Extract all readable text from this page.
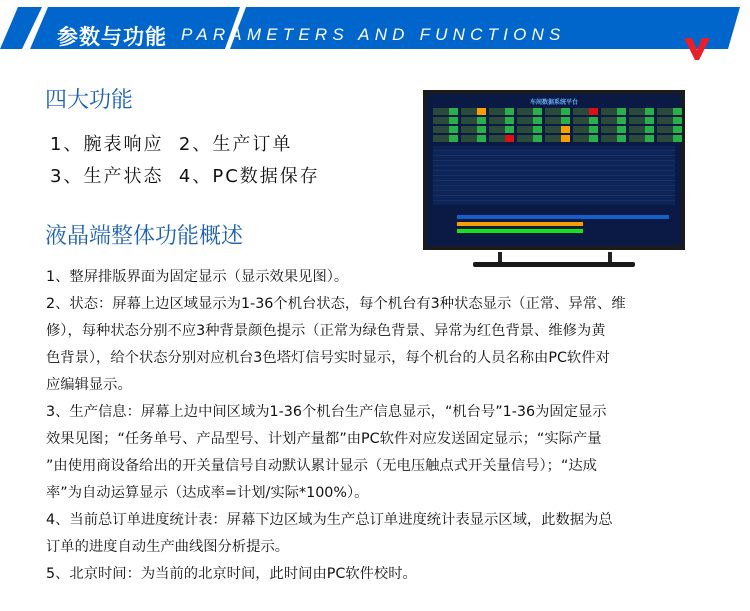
参数与功能 PARAMETERS AND FUNCTIONS
四大功能
1、腕表响应  2、生产订单
3、生产状态  4、PC数据保存
液晶端整体功能概述
车间数据系统平台
1、整屏排版界面为固定显示（显示效果见图）。
2、状态：屏幕上边区域显示为1-36个机台状态，每个机台有3种状态显示（正常、异常、维
修），每种状态分别不应3种背景颜色提示（正常为绿色背景、异常为红色背景、维修为黄
色背景），给个状态分别对应机台3色塔灯信号实时显示，每个机台的人员名称由PC软件对
应编辑显示。
3、生产信息：屏幕上边中间区域为1-36个机台生产信息显示，“机台号”1-36为固定显示
效果见图；“任务单号、产品型号、计划产量都”由PC软件对应发送固定显示；“实际产量
”由使用商设备给出的开关量信号自动默认累计显示（无电压触点式开关量信号）；“达成
率”为自动运算显示（达成率=计划/实际*100%）。
4、当前总订单进度统计表：屏幕下边区域为生产总订单进度统计表显示区域，此数据为总
订单的进度自动生产曲线图分析提示。
5、北京时间：为当前的北京时间，此时间由PC软件校时。
